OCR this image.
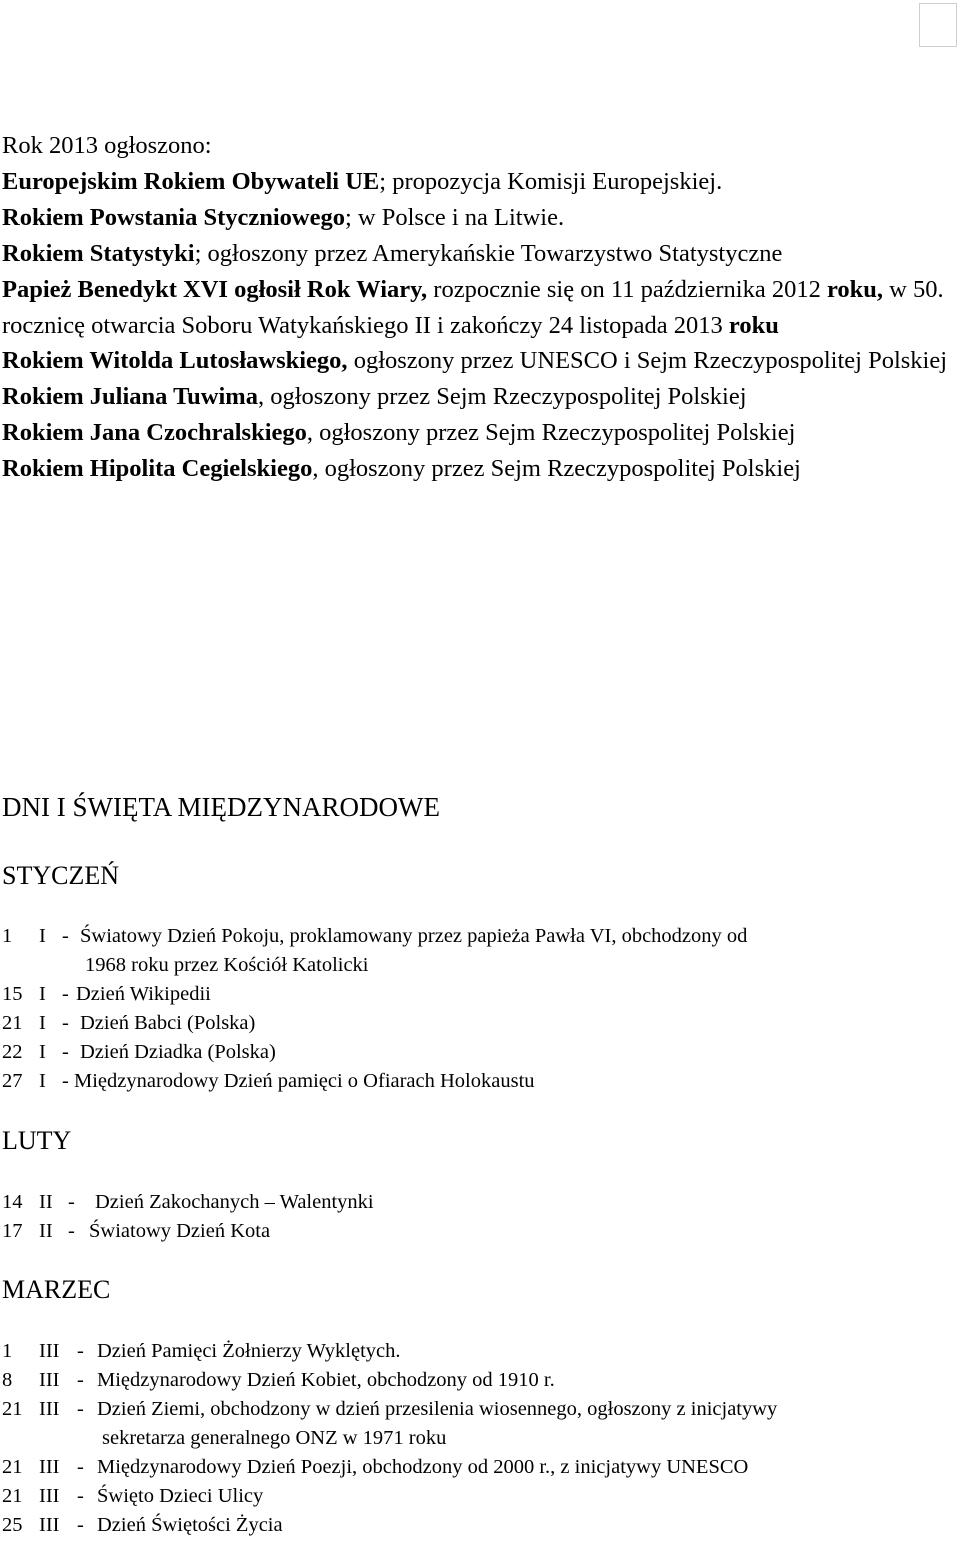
Rok 2013 ogłoszono:

Europejskim Rokiem Obywateli UE; propozycja Komisji Europejskiej.

Rokiem Powstania Styczniowego; w Polsce i na Litwie.

Rokiem Statystyki; ogłoszony przez Amerykańskie Towarzystwo Statystyczne

Papież Benedykt XVI ogłosił Rok Wiary, rozpocznie się on 11 października 2012 roku, w 50. rocznicę otwarcia Soboru Watykańskiego II i zakończy 24 listopada 2013 roku

Rokiem Witolda Lutosławskiego, ogłoszony przez UNESCO i Sejm Rzeczypospolitej Polskiej

Rokiem Juliana Tuwima, ogłoszony przez Sejm Rzeczypospolitej Polskiej

Rokiem Jana Czochralskiego, ogłoszony przez Sejm Rzeczypospolitej Polskiej

Rokiem Hipolita Cegielskiego, ogłoszony przez Sejm Rzeczypospolitej Polskiej

DNI I ŚWIĘTA MIĘDZYNARODOWE
STYCZEŃ
1 I - Światowy Dzień Pokoju, proklamowany przez papieża Pawła VI, obchodzony od
1968 roku przez Kościół Katolicki
15 I - Dzień Wikipedii
21 I - Dzień Babci (Polska)
22 I - Dzień Dziadka (Polska)
27 I - Międzynarodowy Dzień pamięci o Ofiarach Holokaustu
LUTY
14 II - Dzień Zakochanych – Walentynki
17 II - Światowy Dzień Kota
MARZEC
1 III - Dzień Pamięci Żołnierzy Wyklętych.
8 III - Międzynarodowy Dzień Kobiet, obchodzony od 1910 r.
21 III - Dzień Ziemi, obchodzony w dzień przesilenia wiosennego, ogłoszony z inicjatywy
sekretarza generalnego ONZ w 1971 roku
21 III - Międzynarodowy Dzień Poezji, obchodzony od 2000 r., z inicjatywy UNESCO
21 III - Święto Dzieci Ulicy
25 III - Dzień Świętości Życia
